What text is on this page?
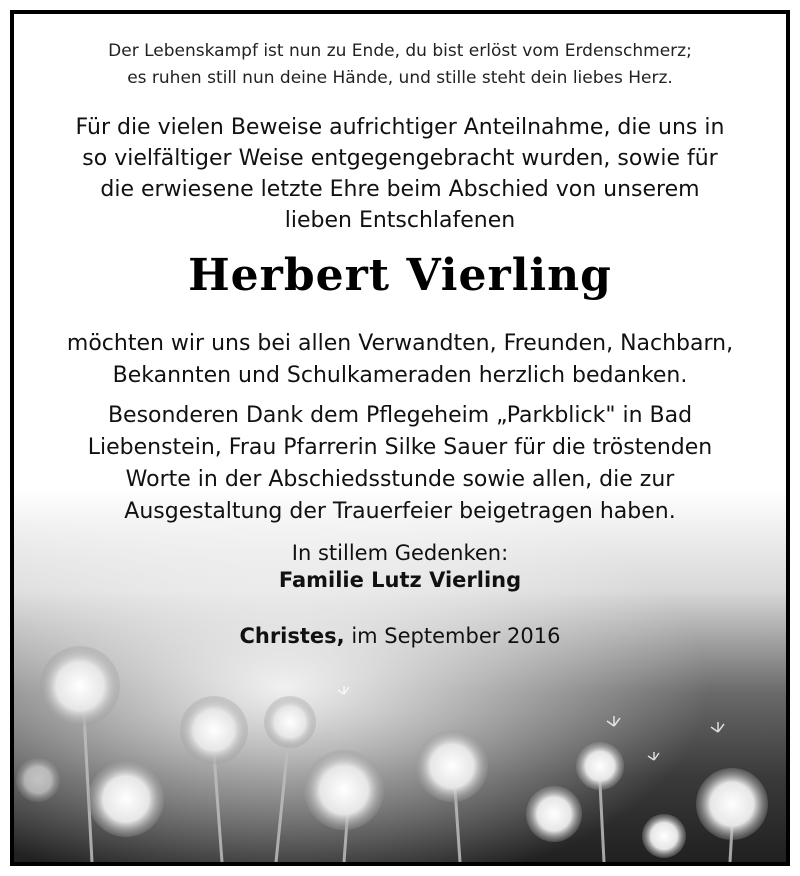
Der Lebenskampf ist nun zu Ende, du bist erlöst vom Erdenschmerz;
es ruhen still nun deine Hände, und stille steht dein liebes Herz.
Für die vielen Beweise aufrichtiger Anteilnahme, die uns in
so vielfältiger Weise entgegengebracht wurden, sowie für
die erwiesene letzte Ehre beim Abschied von unserem
lieben Entschlafenen
Herbert Vierling
möchten wir uns bei allen Verwandten, Freunden, Nachbarn,
Bekannten und Schulkameraden herzlich bedanken.
Besonderen Dank dem Pflegeheim „Parkblick" in Bad
Liebenstein, Frau Pfarrerin Silke Sauer für die tröstenden
Worte in der Abschiedsstunde sowie allen, die zur
Ausgestaltung der Trauerfeier beigetragen haben.
In stillem Gedenken:
Familie Lutz Vierling
Christes, im September 2016
